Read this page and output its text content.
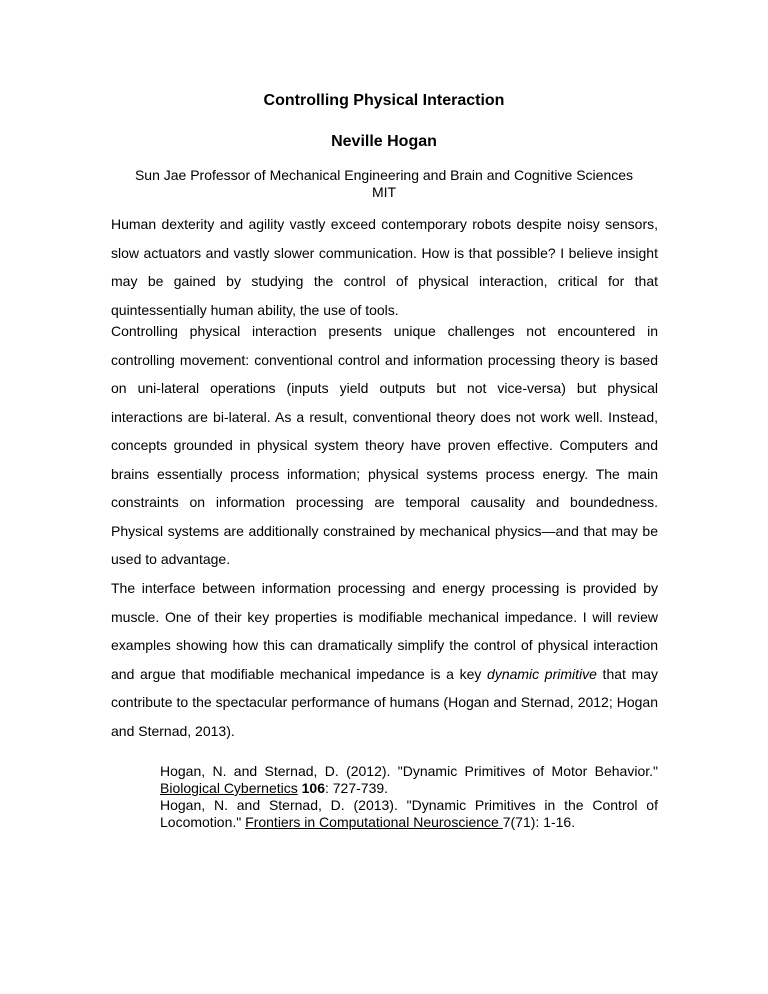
Controlling Physical Interaction
Neville Hogan
Sun Jae Professor of Mechanical Engineering and Brain and Cognitive Sciences
MIT

Human dexterity and agility vastly exceed contemporary robots despite noisy sensors, slow actuators and vastly slower communication. How is that possible? I believe insight may be gained by studying the control of physical interaction, critical for that quintessentially human ability, the use of tools.

Controlling physical interaction presents unique challenges not encountered in controlling movement: conventional control and information processing theory is based on uni-lateral operations (inputs yield outputs but not vice-versa) but physical interactions are bi-lateral. As a result, conventional theory does not work well. Instead, concepts grounded in physical system theory have proven effective. Computers and brains essentially process information; physical systems process energy. The main constraints on information processing are temporal causality and boundedness. Physical systems are additionally constrained by mechanical physics—and that may be used to advantage.

The interface between information processing and energy processing is provided by muscle. One of their key properties is modifiable mechanical impedance. I will review examples showing how this can dramatically simplify the control of physical interaction and argue that modifiable mechanical impedance is a key dynamic primitive that may contribute to the spectacular performance of humans (Hogan and Sternad, 2012; Hogan and Sternad, 2013).

Hogan, N. and Sternad, D. (2012). "Dynamic Primitives of Motor Behavior." Biological Cybernetics 106: 727-739.

Hogan, N. and Sternad, D. (2013). "Dynamic Primitives in the Control of Locomotion." Frontiers in Computational Neuroscience 7(71): 1-16.
